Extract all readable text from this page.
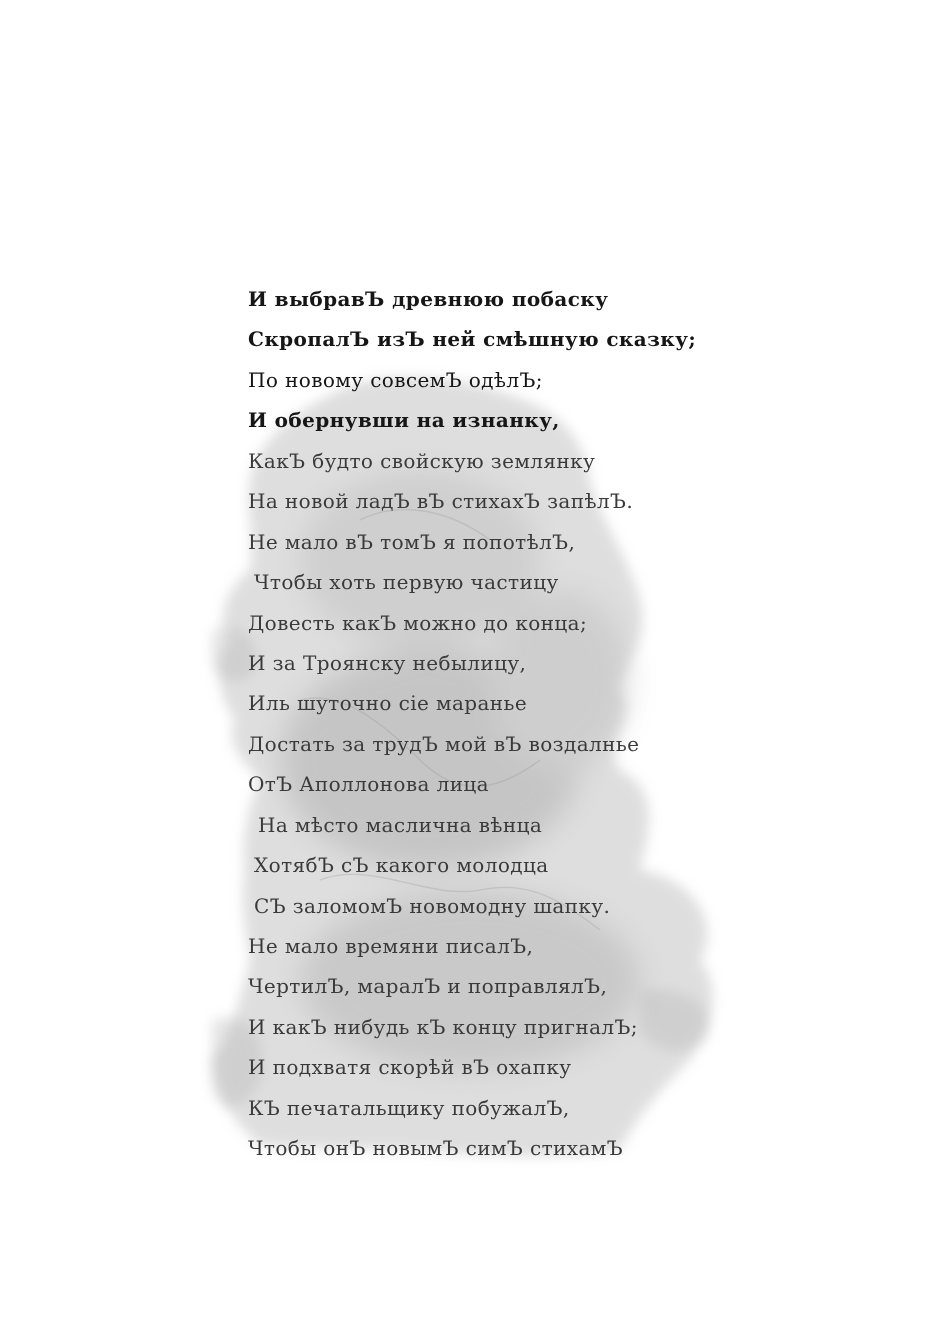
И выбравЪ древнюю побаску
СкропалЪ изЪ ней смѣшную сказку;
По новому совсемЪ одѣлЪ;
И обернувши на изнанку,
КакЪ будто свойскую землянку
На новой ладЪ вЪ стихахЪ запѣлЪ.
Не мало вЪ томЪ я попотѣлЪ,
Чтобы хоть первую частицу
Довесть какЪ можно до конца;
И за Троянску небылицу,
Иль шуточно сіе маранье
Достать за трудЪ мой вЪ воздалнье
ОтЪ Аполлонова лица
На мѣсто масличнa вѣнца
ХотябЪ сЪ какого молодца
СЪ заломомЪ новомодну шапку.
Не мало времяни писалЪ,
ЧертилЪ, маралЪ и поправлялЪ,
И какЪ нибудь кЪ концу пригналЪ;
И подхватя скорѣй вЪ охапку
КЪ печатальщику побужалЪ,
Чтобы онЪ новымЪ симЪ стихамЪ
